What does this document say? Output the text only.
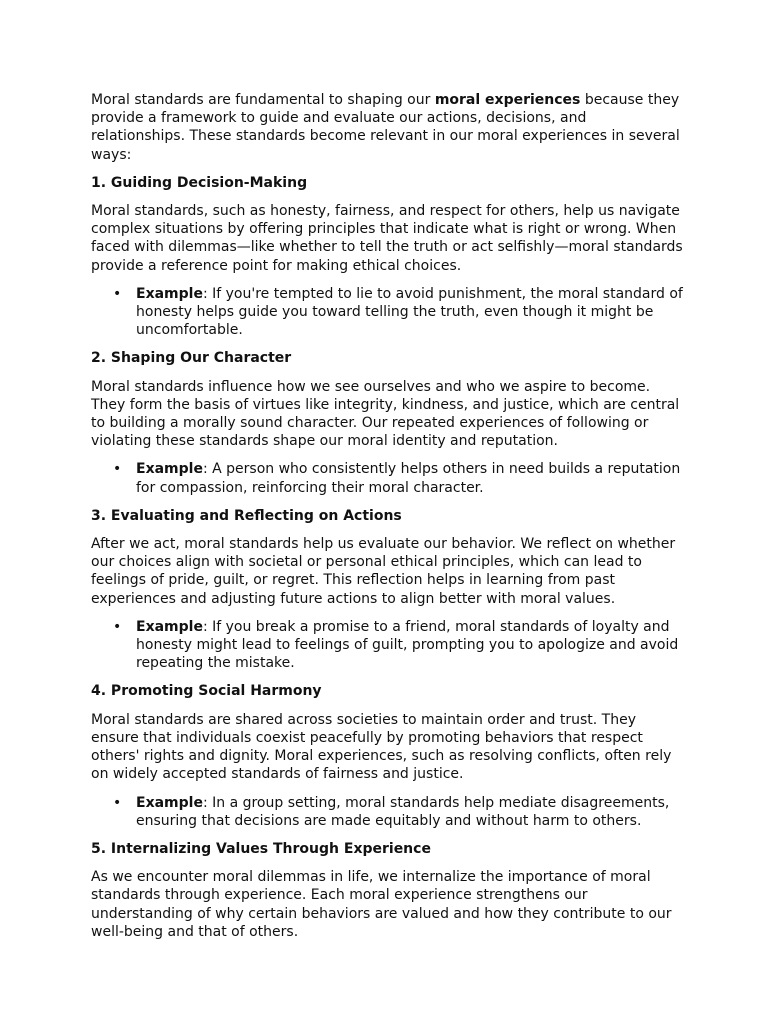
Moral standards are fundamental to shaping our moral experiences because they provide a framework to guide and evaluate our actions, decisions, and relationships. These standards become relevant in our moral experiences in several ways:

1. Guiding Decision-Making

Moral standards, such as honesty, fairness, and respect for others, help us navigate complex situations by offering principles that indicate what is right or wrong. When faced with dilemmas—like whether to tell the truth or act selfishly—moral standards provide a reference point for making ethical choices.

• Example: If you're tempted to lie to avoid punishment, the moral standard of honesty helps guide you toward telling the truth, even though it might be uncomfortable.
2. Shaping Our Character

Moral standards influence how we see ourselves and who we aspire to become. They form the basis of virtues like integrity, kindness, and justice, which are central to building a morally sound character. Our repeated experiences of following or violating these standards shape our moral identity and reputation.

• Example: A person who consistently helps others in need builds a reputation for compassion, reinforcing their moral character.
3. Evaluating and Reflecting on Actions

After we act, moral standards help us evaluate our behavior. We reflect on whether our choices align with societal or personal ethical principles, which can lead to feelings of pride, guilt, or regret. This reflection helps in learning from past experiences and adjusting future actions to align better with moral values.

• Example: If you break a promise to a friend, moral standards of loyalty and honesty might lead to feelings of guilt, prompting you to apologize and avoid repeating the mistake.
4. Promoting Social Harmony

Moral standards are shared across societies to maintain order and trust. They ensure that individuals coexist peacefully by promoting behaviors that respect others' rights and dignity. Moral experiences, such as resolving conflicts, often rely on widely accepted standards of fairness and justice.

• Example: In a group setting, moral standards help mediate disagreements, ensuring that decisions are made equitably and without harm to others.
5. Internalizing Values Through Experience

As we encounter moral dilemmas in life, we internalize the importance of moral standards through experience. Each moral experience strengthens our understanding of why certain behaviors are valued and how they contribute to our well-being and that of others.
